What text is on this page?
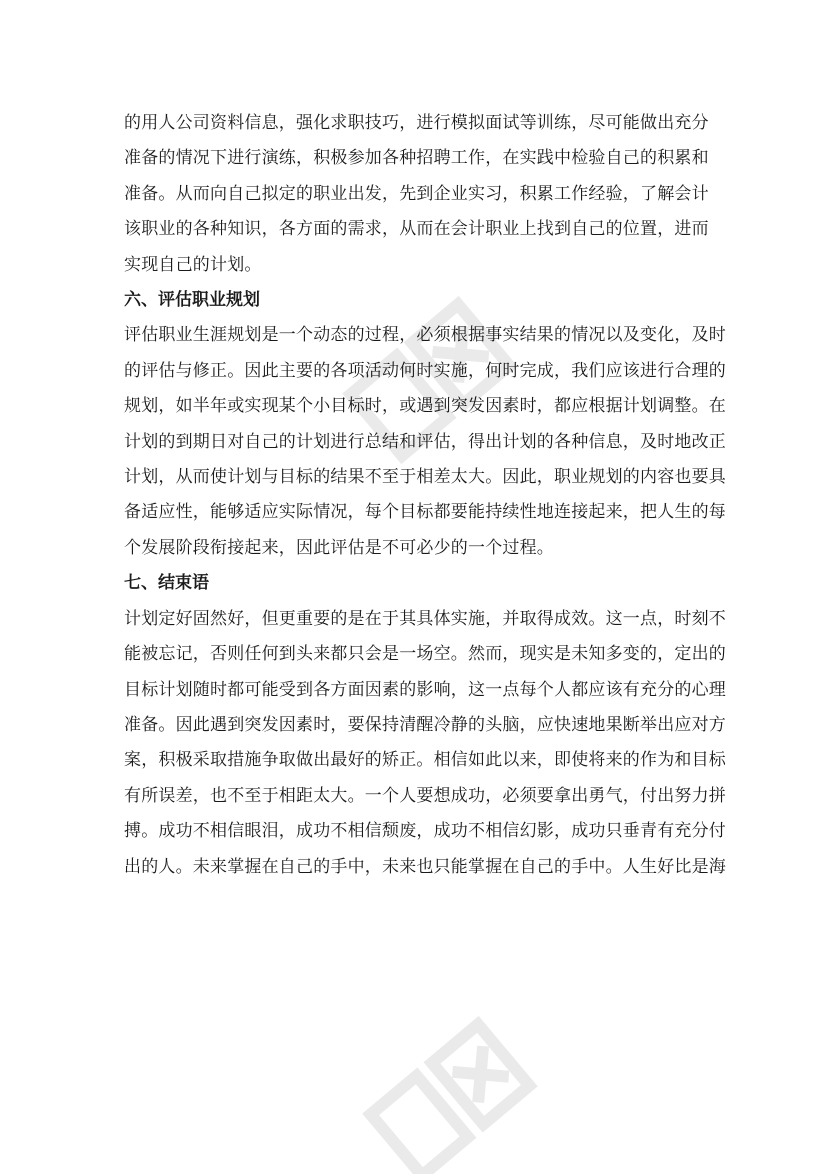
的用人公司资料信息，强化求职技巧，进行模拟面试等训练，尽可能做出充分
准备的情况下进行演练，积极参加各种招聘工作，在实践中检验自己的积累和
准备。从而向自己拟定的职业出发，先到企业实习，积累工作经验，了解会计
该职业的各种知识，各方面的需求，从而在会计职业上找到自己的位置，进而
实现自己的计划。
六、评估职业规划
评估职业生涯规划是一个动态的过程，必须根据事实结果的情况以及变化，及时
的评估与修正。因此主要的各项活动何时实施，何时完成，我们应该进行合理的
规划，如半年或实现某个小目标时，或遇到突发因素时，都应根据计划调整。在
计划的到期日对自己的计划进行总结和评估，得出计划的各种信息，及时地改正
计划，从而使计划与目标的结果不至于相差太大。因此，职业规划的内容也要具
备适应性，能够适应实际情况，每个目标都要能持续性地连接起来，把人生的每
个发展阶段衔接起来，因此评估是不可必少的一个过程。
七、结束语
计划定好固然好，但更重要的是在于其具体实施，并取得成效。这一点，时刻不
能被忘记，否则任何到头来都只会是一场空。然而，现实是未知多变的，定出的
目标计划随时都可能受到各方面因素的影响，这一点每个人都应该有充分的心理
准备。因此遇到突发因素时，要保持清醒冷静的头脑，应快速地果断举出应对方
案，积极采取措施争取做出最好的矫正。相信如此以来，即使将来的作为和目标
有所误差，也不至于相距太大。一个人要想成功，必须要拿出勇气，付出努力拼
搏。成功不相信眼泪，成功不相信颓废，成功不相信幻影，成功只垂青有充分付
出的人。未来掌握在自己的手中，未来也只能掌握在自己的手中。人生好比是海
